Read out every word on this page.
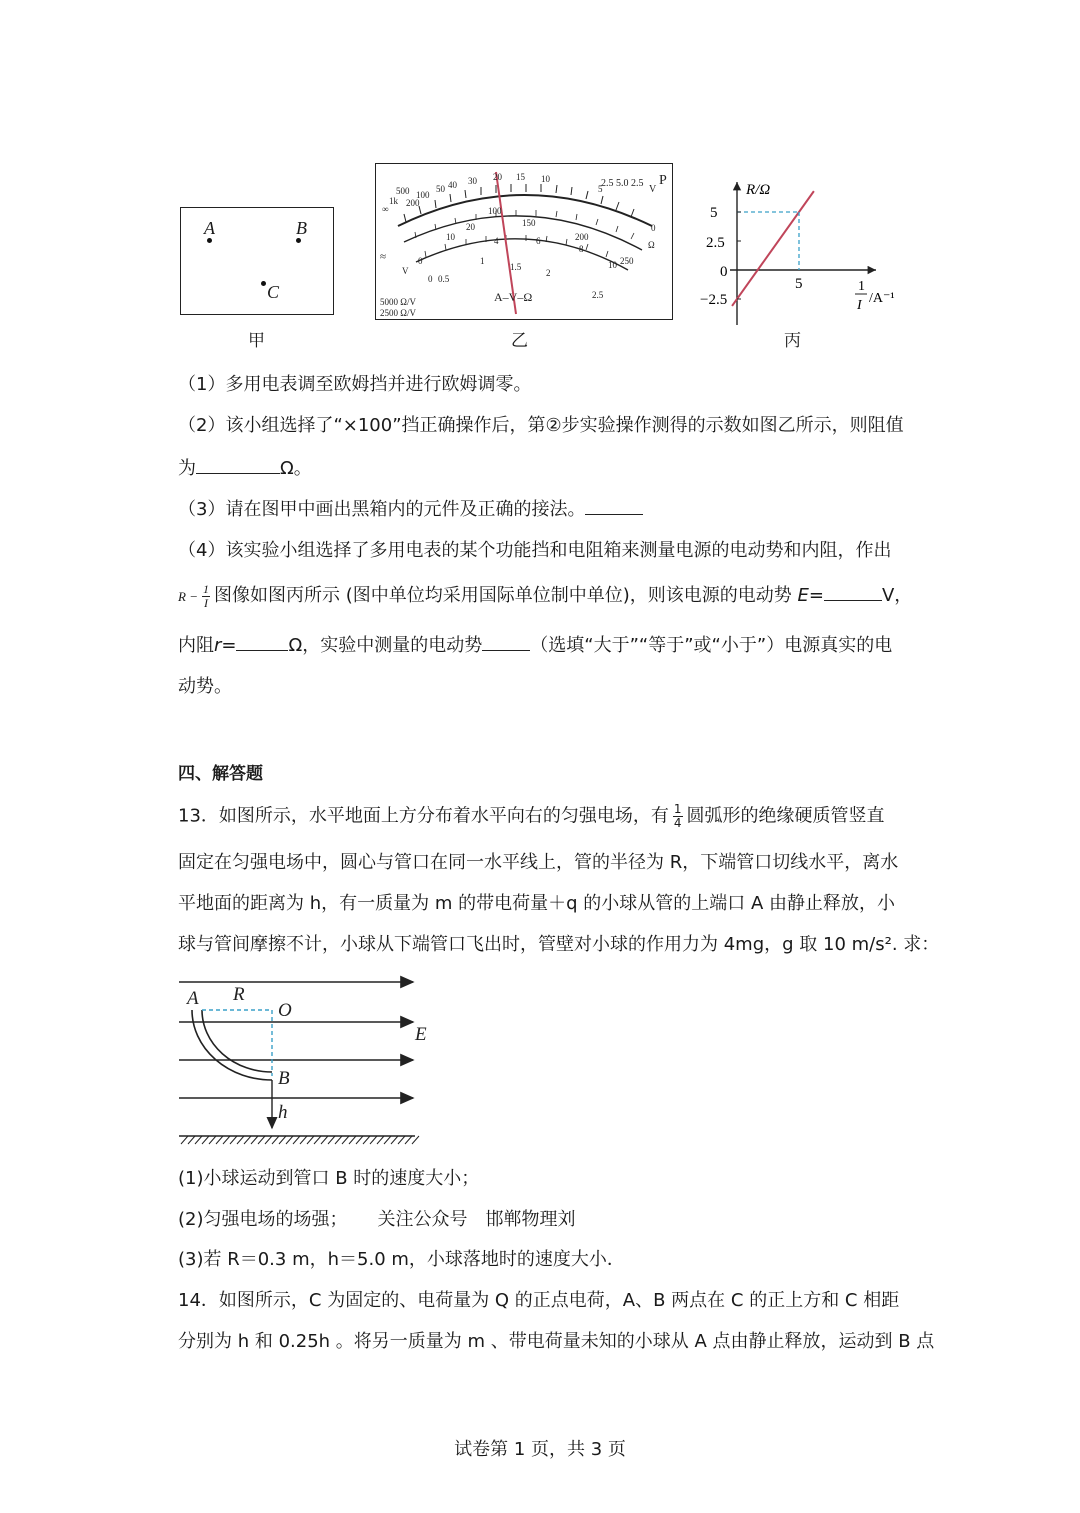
A	B
C
甲
∞
1k
500
200
100
50 40 30 20 15 10
5
0
Ω
2.5 5.0 2.5
V
P
100
150
200
250
20
10
0
4	6
8
10
0 0.5
1
1.5
2
2.5
≈
V
A–V–Ω
5000 Ω/V
2500 Ω/V
乙
R/Ω
5
2.5
0
−2.5
5	1
I /A⁻¹
丙
（1）多用电表调至欧姆挡并进行欧姆调零。
（2）该小组选择了“×100”挡正确操作后，第②步实验操作测得的示数如图乙所示，则阻值
为	Ω。
（3）请在图甲中画出黑箱内的元件及正确的接法。
（4）该实验小组选择了多用电表的某个功能挡和电阻箱来测量电源的电动势和内阻，作出
$R - \frac{1}{I}$ 图像如图丙所示 (图中单位均采用国际单位制中单位)，则该电源的电动势 E=	V，
内阻r=	Ω，实验中测量的电动势	（选填“大于”“等于”或“小于”）电源真实的电
动势。
四、解答题
13．如图所示，水平地面上方分布着水平向右的匀强电场，有 $\frac{1}{4}$ 圆弧形的绝缘硬质管竖直
固定在匀强电场中，圆心与管口在同一水平线上，管的半径为 R，下端管口切线水平，离水
平地面的距离为 h，有一质量为 m 的带电荷量＋q 的小球从管的上端口 A 由静止释放，小
球与管间摩擦不计，小球从下端管口飞出时，管壁对小球的作用力为 4mg，g 取 10 m/s². 求：
A R
O
E
B
h
(1)小球运动到管口 B 时的速度大小；
(2)匀强电场的场强； 关注公众号　邯郸物理刘
(3)若 R＝0.3 m，h＝5.0 m，小球落地时的速度大小．
14．如图所示，C 为固定的、电荷量为 Q 的正点电荷，A、B 两点在 C 的正上方和 C 相距
分别为 h 和 0.25h 。将另一质量为 m 、带电荷量未知的小球从 A 点由静止释放，运动到 B 点
试卷第 1 页，共 3 页
